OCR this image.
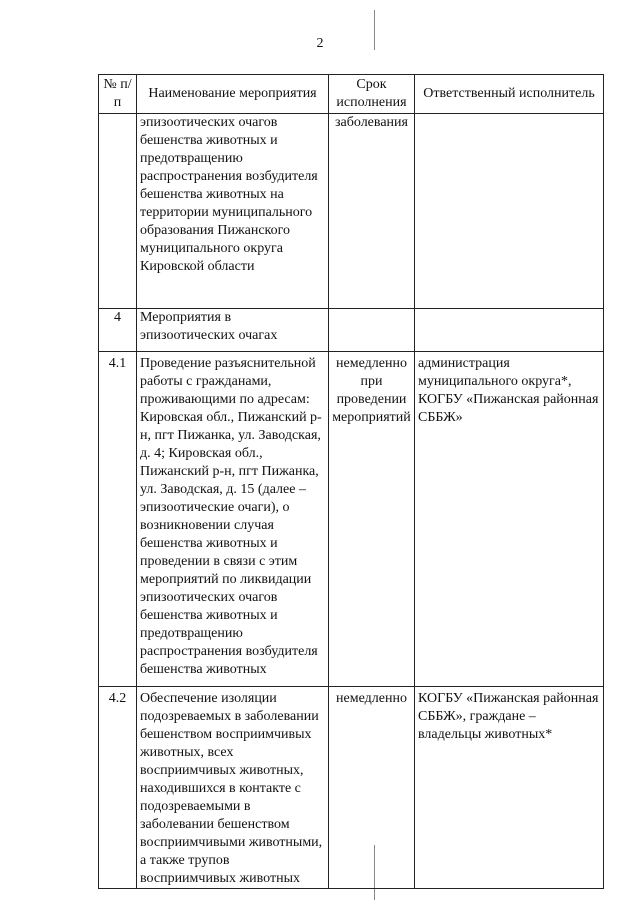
2
№ п/п	Наименование мероприятия	Срок исполнения	Ответственный исполнитель
	эпизоотических очагов бешенства животных и предотвращению распространения возбудителя бешенства животных на территории муниципального образования Пижанского муниципального округа Кировской области	заболевания	
4	Мероприятия в эпизоотических очагах		
4.1	Проведение разъяснительной работы с гражданами, проживающими по адресам: Кировская обл., Пижанский р-н, пгт Пижанка, ул. Заводская, д. 4; Кировская обл., Пижанский р-н, пгт Пижанка, ул. Заводская, д. 15 (далее – эпизоотические очаги), о возникновении случая бешенства животных и проведении в связи с этим мероприятий по ликвидации эпизоотических очагов бешенства животных и предотвращению распространения возбудителя бешенства животных	немедленно при проведении мероприятий	администрация муниципального округа*, КОГБУ «Пижанская районная СББЖ»
4.2	Обеспечение изоляции подозреваемых в заболевании бешенством восприимчивых животных, всех восприимчивых животных, находившихся в контакте с подозреваемыми в заболевании бешенством восприимчивыми животными, а также трупов восприимчивых животных	немедленно	КОГБУ «Пижанская районная СББЖ», граждане – владельцы животных*
